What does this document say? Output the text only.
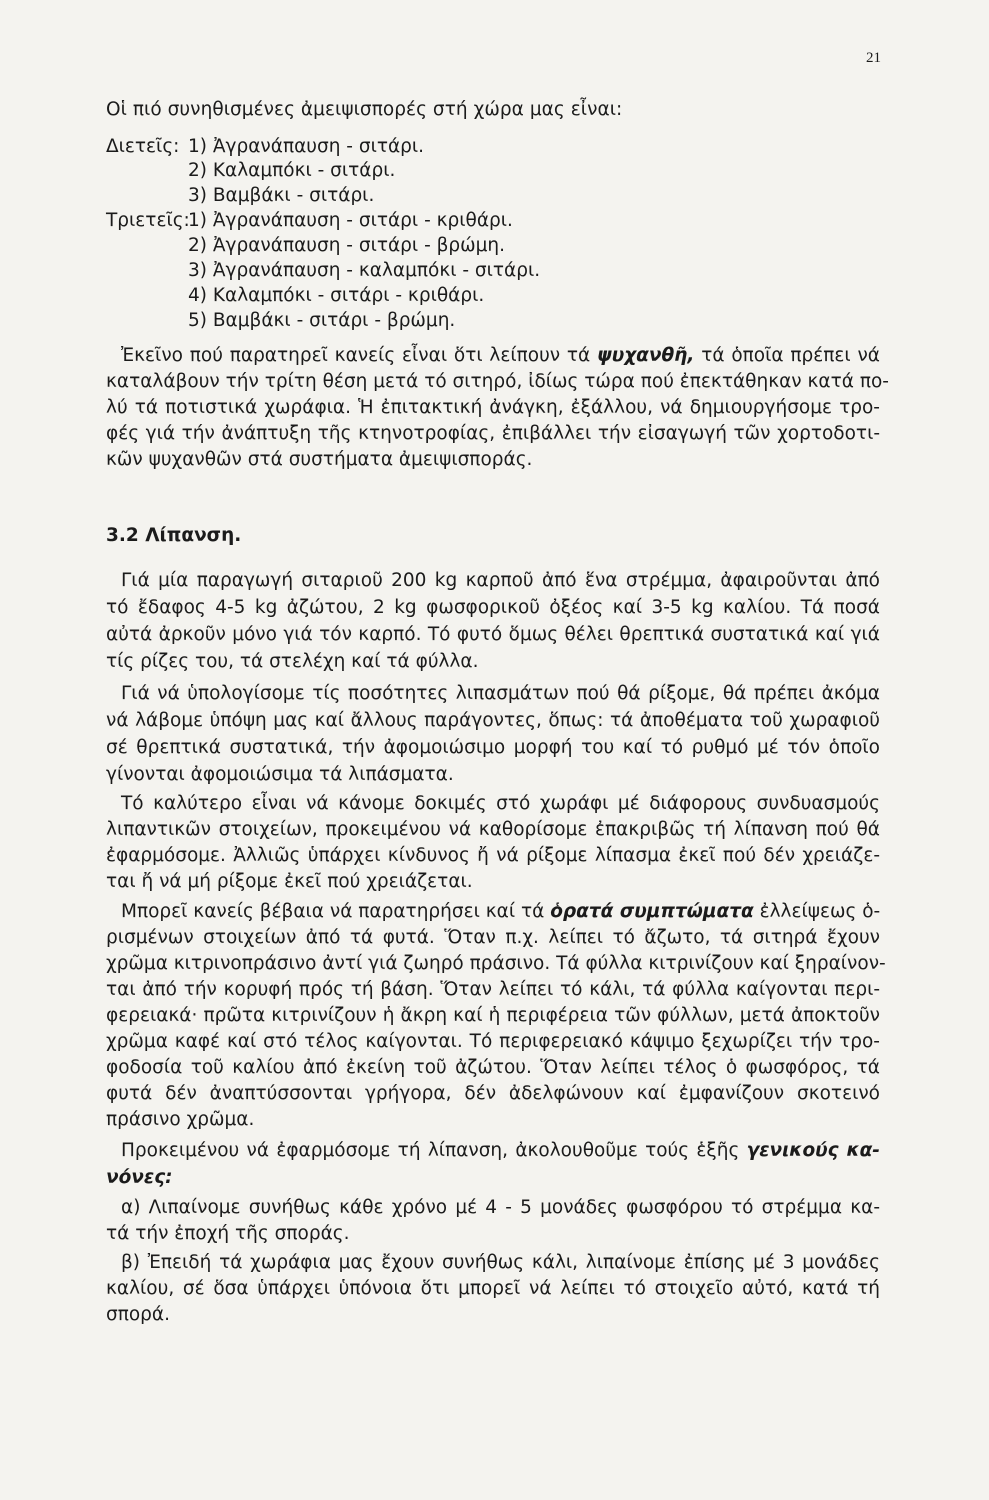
21
Οἱ πιό συνηθισμένες ἀμειψισπορές στή χώρα μας εἶναι:
Διετεῖς: 1) Ἀγρανάπαυση - σιτάρι.
2) Καλαμπόκι - σιτάρι.
3) Βαμβάκι - σιτάρι.
Τριετεῖς:
1) Ἀγρανάπαυση - σιτάρι - κριθάρι.
2) Ἀγρανάπαυση - σιτάρι - βρώμη.
3) Ἀγρανάπαυση - καλαμπόκι - σιτάρι.
4) Καλαμπόκι - σιτάρι - κριθάρι.
5) Βαμβάκι - σιτάρι - βρώμη.
Ἐκεῖνο πού παρατηρεῖ κανείς εἶναι ὅτι λείπουν τά ψυχανθῆ, τά ὁποῖα πρέπει νά
καταλάβουν τήν τρίτη θέση μετά τό σιτηρό, ἰδίως τώρα πού ἐπεκτάθηκαν κατά πο-
λύ τά ποτιστικά χωράφια. Ἡ ἐπιτακτική ἀνάγκη, ἐξάλλου, νά δημιουργήσομε τρο-
φές γιά τήν ἀνάπτυξη τῆς κτηνοτροφίας, ἐπιβάλλει τήν εἰσαγωγή τῶν χορτοδοτι-
κῶν ψυχανθῶν στά συστήματα ἀμειψισποράς.
3.2 Λίπανση.
Γιά μία παραγωγή σιταριοῦ 200 kg καρποῦ ἀπό ἕνα στρέμμα, ἀφαιροῦνται ἀπό
τό ἔδαφος 4-5 kg ἀζώτου, 2 kg φωσφορικοῦ ὀξέος καί 3-5 kg καλίου. Τά ποσά
αὐτά ἀρκοῦν μόνο γιά τόν καρπό. Τό φυτό ὅμως θέλει θρεπτικά συστατικά καί γιά
τίς ρίζες του, τά στελέχη καί τά φύλλα.
Γιά νά ὑπολογίσομε τίς ποσότητες λιπασμάτων πού θά ρίξομε, θά πρέπει ἀκόμα
νά λάβομε ὑπόψη μας καί ἄλλους παράγοντες, ὅπως: τά ἀποθέματα τοῦ χωραφιοῦ
σέ θρεπτικά συστατικά, τήν ἀφομοιώσιμο μορφή του καί τό ρυθμό μέ τόν ὁποῖο
γίνονται ἀφομοιώσιμα τά λιπάσματα.
Τό καλύτερο εἶναι νά κάνομε δοκιμές στό χωράφι μέ διάφορους συνδυασμούς
λιπαντικῶν στοιχείων, προκειμένου νά καθορίσομε ἐπακριβῶς τή λίπανση πού θά
ἐφαρμόσομε. Ἀλλιῶς ὑπάρχει κίνδυνος ἤ νά ρίξομε λίπασμα ἐκεῖ πού δέν χρειάζε-
ται ἤ νά μή ρίξομε ἐκεῖ πού χρειάζεται.
Μπορεῖ κανείς βέβαια νά παρατηρήσει καί τά ὁρατά συμπτώματα ἐλλείψεως ὁ-
ρισμένων στοιχείων ἀπό τά φυτά. Ὅταν π.χ. λείπει τό ἄζωτο, τά σιτηρά ἔχουν
χρῶμα κιτρινοπράσινο ἀντί γιά ζωηρό πράσινο. Τά φύλλα κιτρινίζουν καί ξηραίνον-
ται ἀπό τήν κορυφή πρός τή βάση. Ὅταν λείπει τό κάλι, τά φύλλα καίγονται περι-
φερειακά· πρῶτα κιτρινίζουν ἡ ἄκρη καί ἡ περιφέρεια τῶν φύλλων, μετά ἀποκτοῦν
χρῶμα καφέ καί στό τέλος καίγονται. Τό περιφερειακό κάψιμο ξεχωρίζει τήν τρο-
φοδοσία τοῦ καλίου ἀπό ἐκείνη τοῦ ἀζώτου. Ὅταν λείπει τέλος ὁ φωσφόρος, τά
φυτά δέν ἀναπτύσσονται γρήγορα, δέν ἀδελφώνουν καί ἐμφανίζουν σκοτεινό
πράσινο χρῶμα.
Προκειμένου νά ἐφαρμόσομε τή λίπανση, ἀκολουθοῦμε τούς ἑξῆς γενικούς κα-
νόνες:
α) Λιπαίνομε συνήθως κάθε χρόνο μέ 4 - 5 μονάδες φωσφόρου τό στρέμμα κα-
τά τήν ἐποχή τῆς σποράς.
β) Ἐπειδή τά χωράφια μας ἔχουν συνήθως κάλι, λιπαίνομε ἐπίσης μέ 3 μονάδες
καλίου, σέ ὅσα ὑπάρχει ὑπόνοια ὅτι μπορεῖ νά λείπει τό στοιχεῖο αὐτό, κατά τή
σπορά.
